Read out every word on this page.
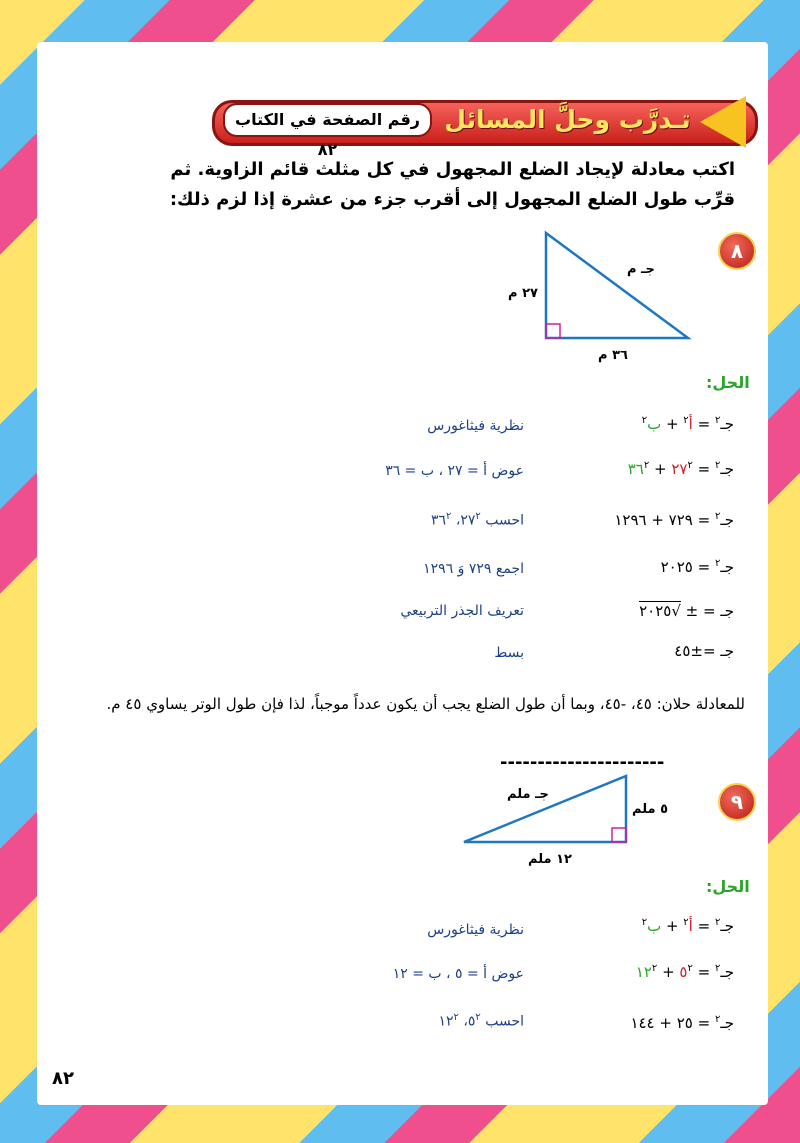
تـدرَّب وحلَّ المسائل
رقم الصفحة في الكتاب ٨٢
اكتب معادلة لإيجاد الضلع المجهول في كل مثلث قائم الزاوية. ثم قرِّب طول الضلع المجهول إلى أقرب جزء من عشرة إذا لزم ذلك:
٨
جـ م
٢٧ م
٣٦ م
الحل:
جـ$^٢$ = أ$^٢$ + ب$^٢$
نظرية فيثاغورس
جـ$^٢$ = $٢٧^٢$ + $٣٦^٢$
عوض أ = ٢٧ ، ب = ٣٦
جـ$^٢$ = ٧٢٩ + ١٢٩٦
احسب $٢٧^٢،$ $٣٦^٢$
جـ$^٢$ = ٢٠٢٥
اجمع ٧٢٩ وَ ١٢٩٦
جـ = ± √٢٠٢٥
تعريف الجذر التربيعي
جـ =±٤٥
بسط
للمعادلة حلان: ٤٥، -٤٥، وبما أن طول الضلع يجب أن يكون عدداً موجباً، لذا فإن طول الوتر يساوي ٤٥ م.
----------------------
٩
جـ ملم
٥ ملم
١٢ ملم
الحل:
جـ$^٢$ = أ$^٢$ + ب$^٢$
نظرية فيثاغورس
جـ$^٢$ = $٥^٢$ + $١٢^٢$
عوض أ = ٥ ، ب = ١٢
جـ$^٢$ = ٢٥ + ١٤٤
احسب $٥^٢،$ $١٢^٢$
٨٢
